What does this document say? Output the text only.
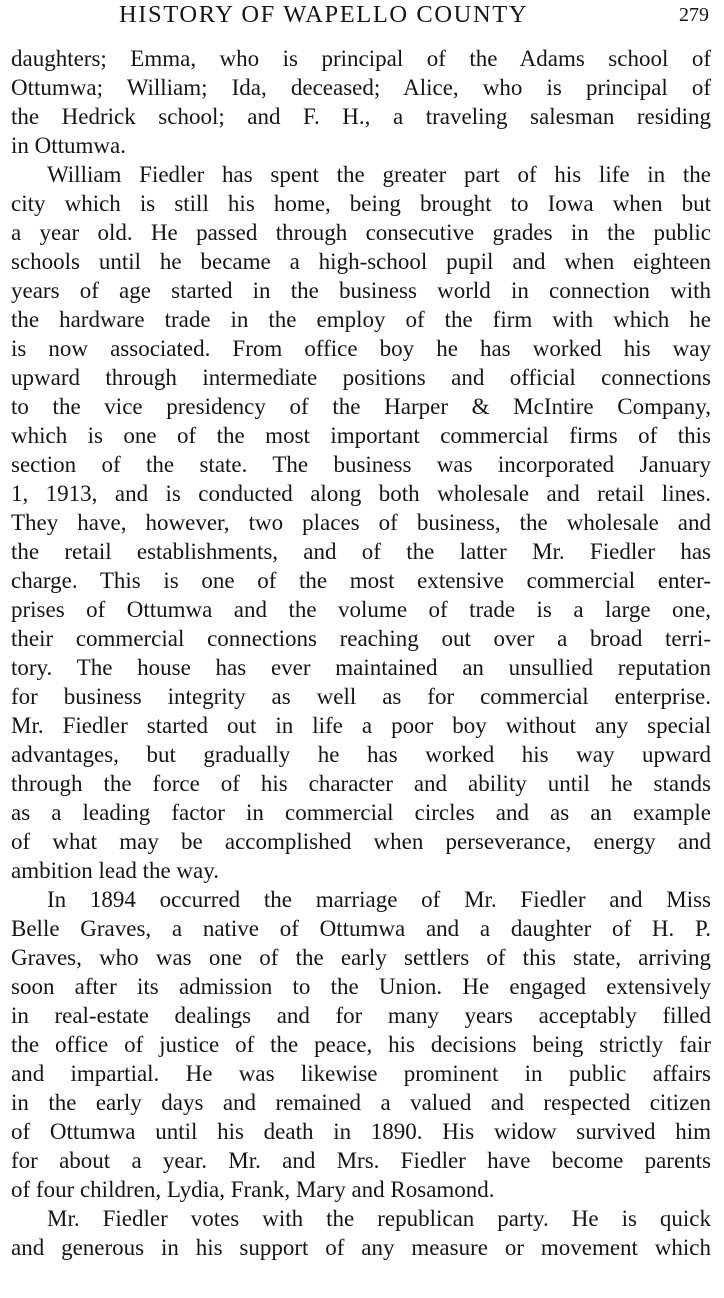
HISTORY OF WAPELLO COUNTY	279
daughters; Emma, who is principal of the Adams school of
Ottumwa; William; Ida, deceased; Alice, who is principal of
the Hedrick school; and F. H., a traveling salesman residing
in Ottumwa.
William Fiedler has spent the greater part of his life in the
city which is still his home, being brought to Iowa when but
a year old. He passed through consecutive grades in the public
schools until he became a high-school pupil and when eighteen
years of age started in the business world in connection with
the hardware trade in the employ of the firm with which he
is now associated. From office boy he has worked his way
upward through intermediate positions and official connections
to the vice presidency of the Harper & McIntire Company,
which is one of the most important commercial firms of this
section of the state. The business was incorporated January
1, 1913, and is conducted along both wholesale and retail lines.
They have, however, two places of business, the wholesale and
the retail establishments, and of the latter Mr. Fiedler has
charge. This is one of the most extensive commercial enter-
prises of Ottumwa and the volume of trade is a large one,
their commercial connections reaching out over a broad terri-
tory. The house has ever maintained an unsullied reputation
for business integrity as well as for commercial enterprise.
Mr. Fiedler started out in life a poor boy without any special
advantages, but gradually he has worked his way upward
through the force of his character and ability until he stands
as a leading factor in commercial circles and as an example
of what may be accomplished when perseverance, energy and
ambition lead the way.
In 1894 occurred the marriage of Mr. Fiedler and Miss
Belle Graves, a native of Ottumwa and a daughter of H. P.
Graves, who was one of the early settlers of this state, arriving
soon after its admission to the Union. He engaged extensively
in real-estate dealings and for many years acceptably filled
the office of justice of the peace, his decisions being strictly fair
and impartial. He was likewise prominent in public affairs
in the early days and remained a valued and respected citizen
of Ottumwa until his death in 1890. His widow survived him
for about a year. Mr. and Mrs. Fiedler have become parents
of four children, Lydia, Frank, Mary and Rosamond.
Mr. Fiedler votes with the republican party. He is quick
and generous in his support of any measure or movement which
